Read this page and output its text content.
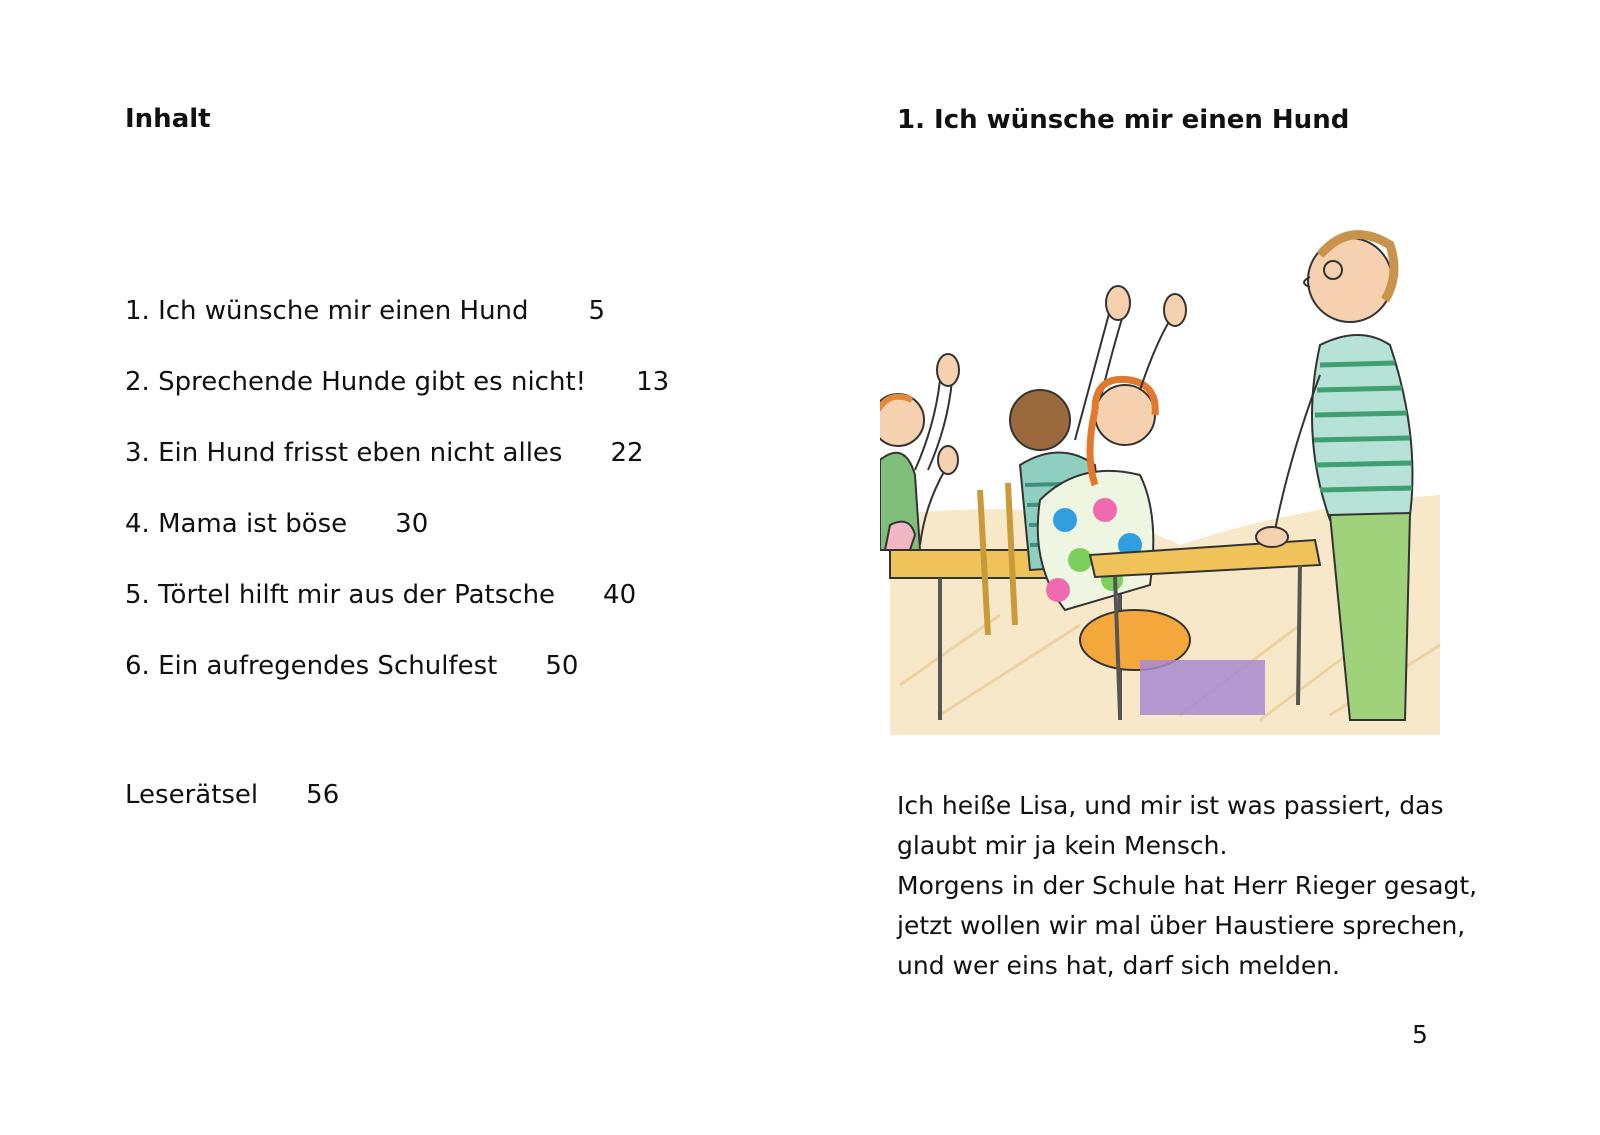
Inhalt
1. Ich wünsche mir einen Hund 5
2. Sprechende Hunde gibt es nicht! 13
3. Ein Hund frisst eben nicht alles 22
4. Mama ist böse 30
5. Törtel hilft mir aus der Patsche 40
6. Ein aufregendes Schulfest 50
Leserätsel 56
1. Ich wünsche mir einen Hund

Ich heiße Lisa, und mir ist was passiert, das

glaubt mir ja kein Mensch.

Morgens in der Schule hat Herr Rieger gesagt,

jetzt wollen wir mal über Haustiere sprechen,

und wer eins hat, darf sich melden.

5
